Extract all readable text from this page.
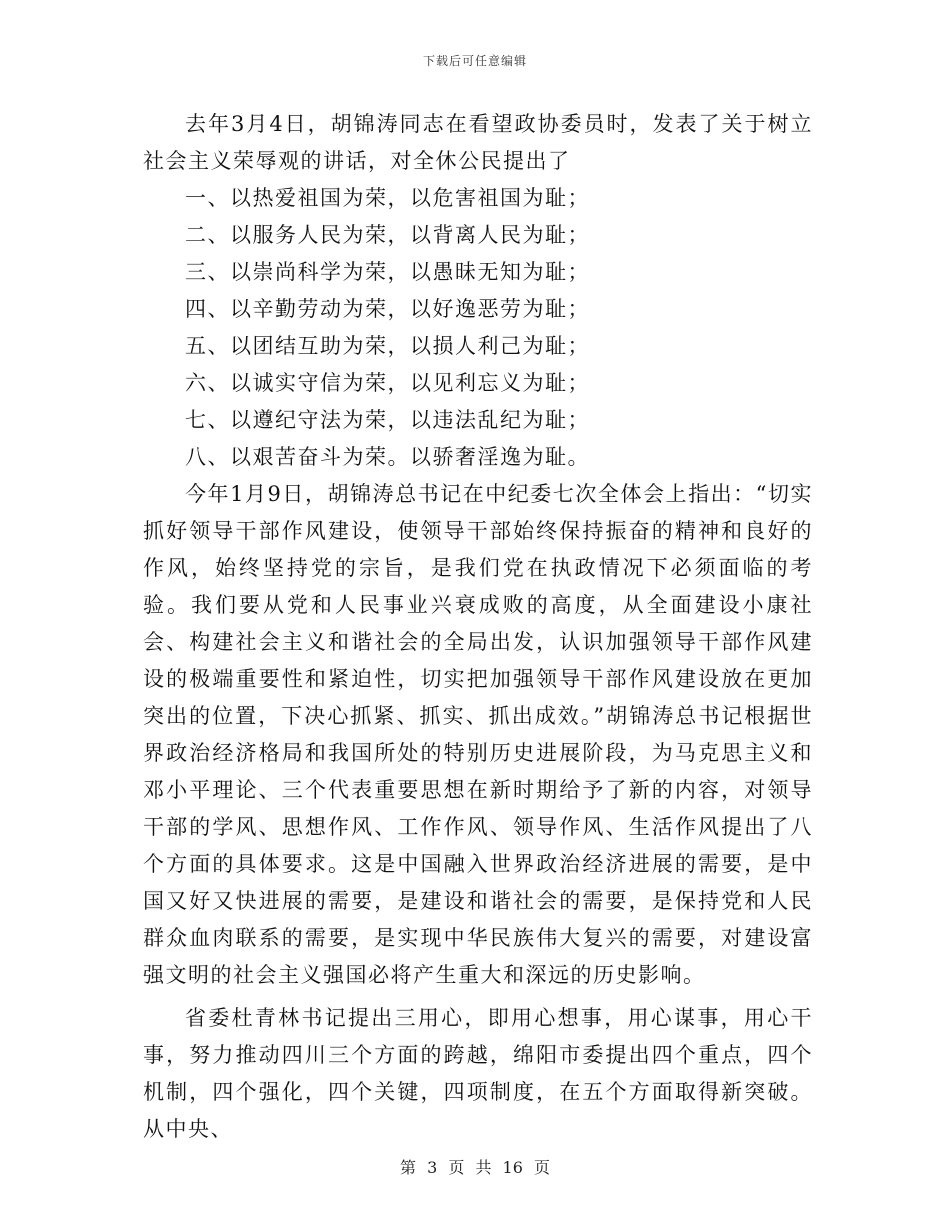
下载后可任意编辑

去年3月4日，胡锦涛同志在看望政协委员时，发表了关于树立社会主义荣辱观的讲话，对全休公民提出了

一、以热爱祖国为荣，以危害祖国为耻；

二、以服务人民为荣，以背离人民为耻；

三、以崇尚科学为荣，以愚昧无知为耻；

四、以辛勤劳动为荣，以好逸恶劳为耻；

五、以团结互助为荣，以损人利己为耻；

六、以诚实守信为荣，以见利忘义为耻；

七、以遵纪守法为荣，以违法乱纪为耻；

八、以艰苦奋斗为荣。以骄奢淫逸为耻。

今年1月9日，胡锦涛总书记在中纪委七次全体会上指出：“切实抓好领导干部作风建设，使领导干部始终保持振奋的精神和良好的作风，始终坚持党的宗旨，是我们党在执政情况下必须面临的考验。我们要从党和人民事业兴衰成败的高度，从全面建设小康社会、构建社会主义和谐社会的全局出发，认识加强领导干部作风建设的极端重要性和紧迫性，切实把加强领导干部作风建设放在更加突出的位置，下决心抓紧、抓实、抓出成效。”胡锦涛总书记根据世界政治经济格局和我国所处的特别历史进展阶段，为马克思主义和邓小平理论、三个代表重要思想在新时期给予了新的内容，对领导干部的学风、思想作风、工作作风、领导作风、生活作风提出了八个方面的具体要求。这是中国融入世界政治经济进展的需要，是中国又好又快进展的需要，是建设和谐社会的需要，是保持党和人民群众血肉联系的需要，是实现中华民族伟大复兴的需要，对建设富强文明的社会主义强国必将产生重大和深远的历史影响。

省委杜青林书记提出三用心，即用心想事，用心谋事，用心干事，努力推动四川三个方面的跨越，绵阳市委提出四个重点，四个机制，四个强化，四个关键，四项制度，在五个方面取得新突破。从中央、

第 3 页 共 16 页
